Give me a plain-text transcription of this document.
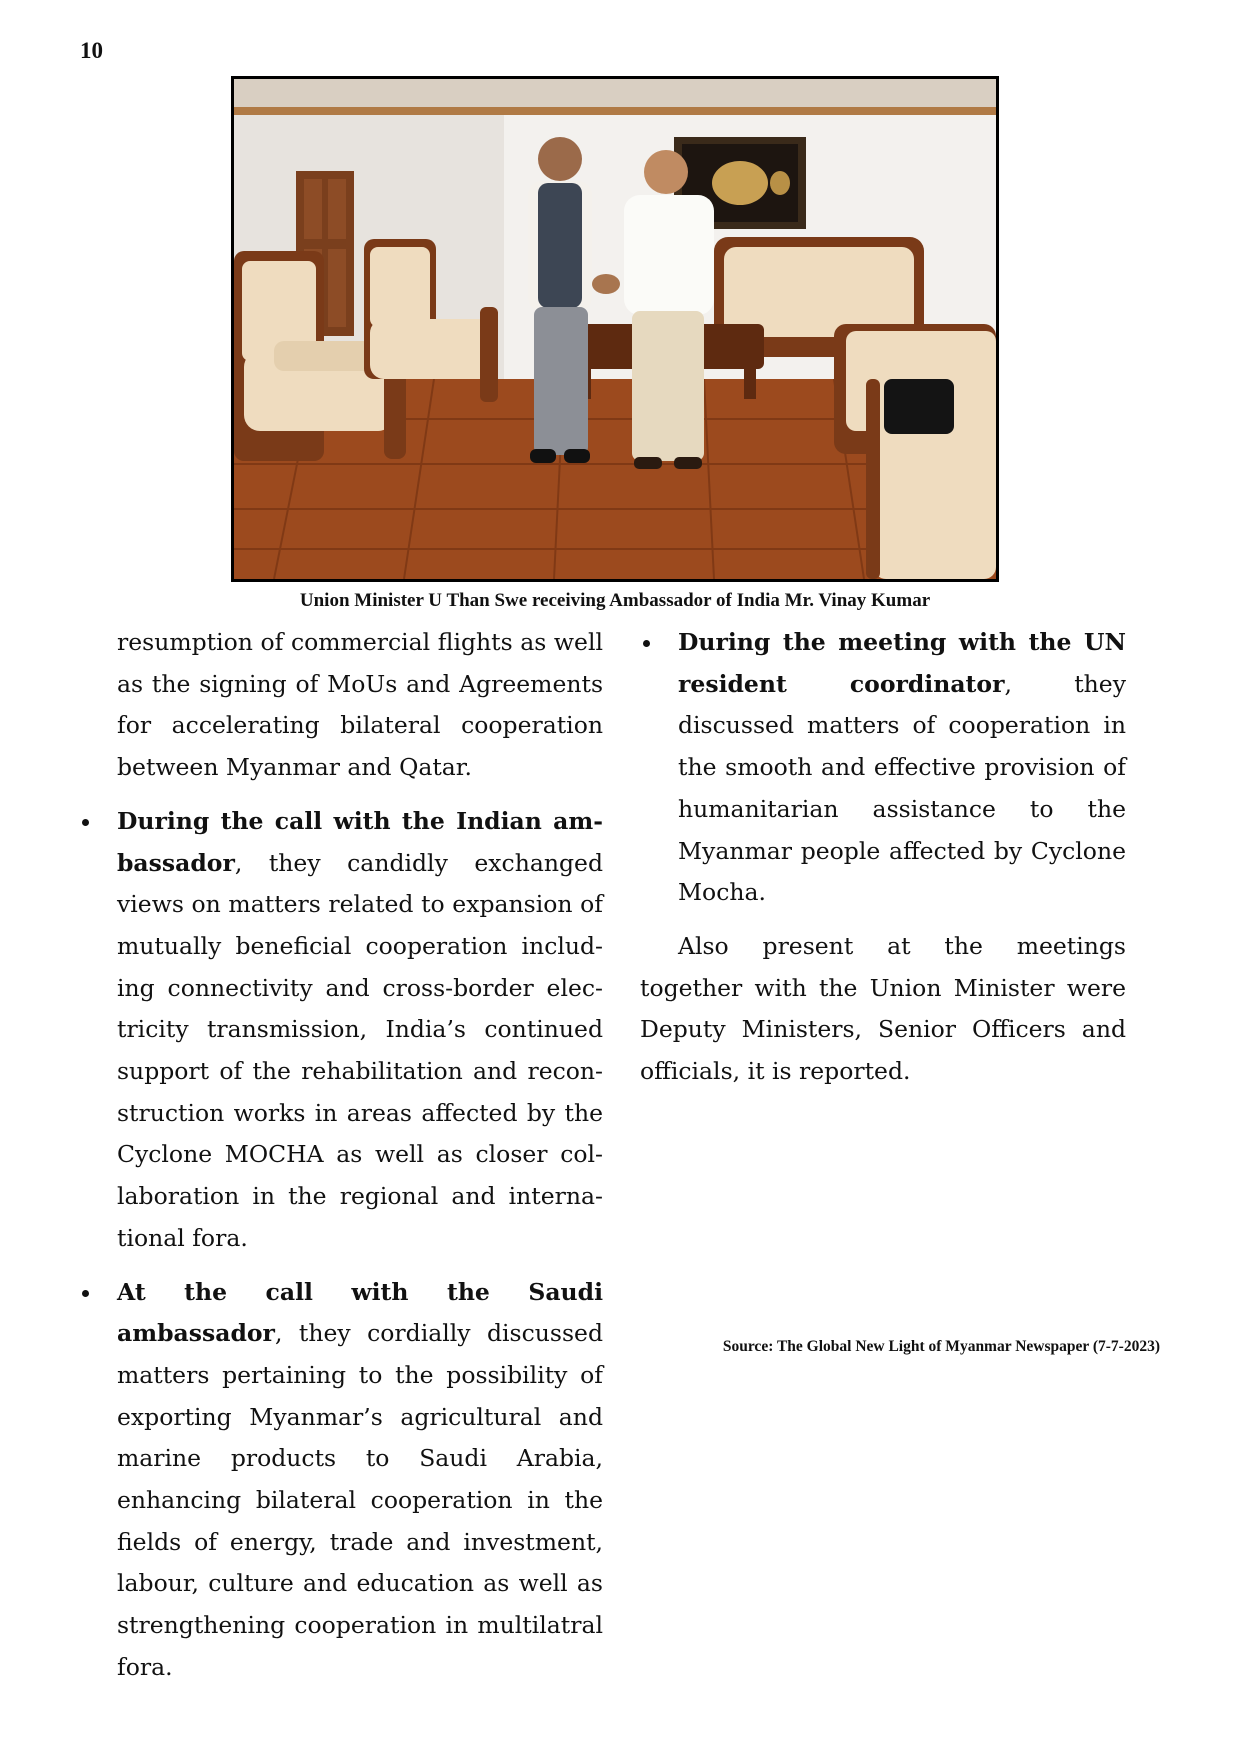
10
Union Minister U Than Swe receiving Ambassador of India Mr. Vinay Kumar

resumption of commercial flights as well as the signing of MoUs and Agreements for accelerating bilateral cooperation between Myanmar and Qatar.

During the call with the Indian ambassador, they candidly exchanged views on matters related to expansion of mutually beneficial cooperation including connectivity and cross-border electricity transmission, India’s continued support of the rehabilitation and reconstruction works in areas affected by the Cyclone MOCHA as well as closer collaboration in the regional and international fora.
At the call with the Saudi ambassador, they cordially discussed matters pertaining to the possibility of exporting Myanmar’s agricultural and marine products to Saudi Arabia, enhancing bilateral cooperation in the fields of energy, trade and investment, labour, culture and education as well as strengthening cooperation in multilatral fora.
During the meeting with the UN resident coordinator, they discussed matters of cooperation in the smooth and effective provision of humanitarian assistance to the Myanmar people affected by Cyclone Mocha.

Also present at the meetings together with the Union Minister were Deputy Ministers, Senior Officers and officials, it is reported.

Source: The Global New Light of Myanmar Newspaper (7-7-2023)
